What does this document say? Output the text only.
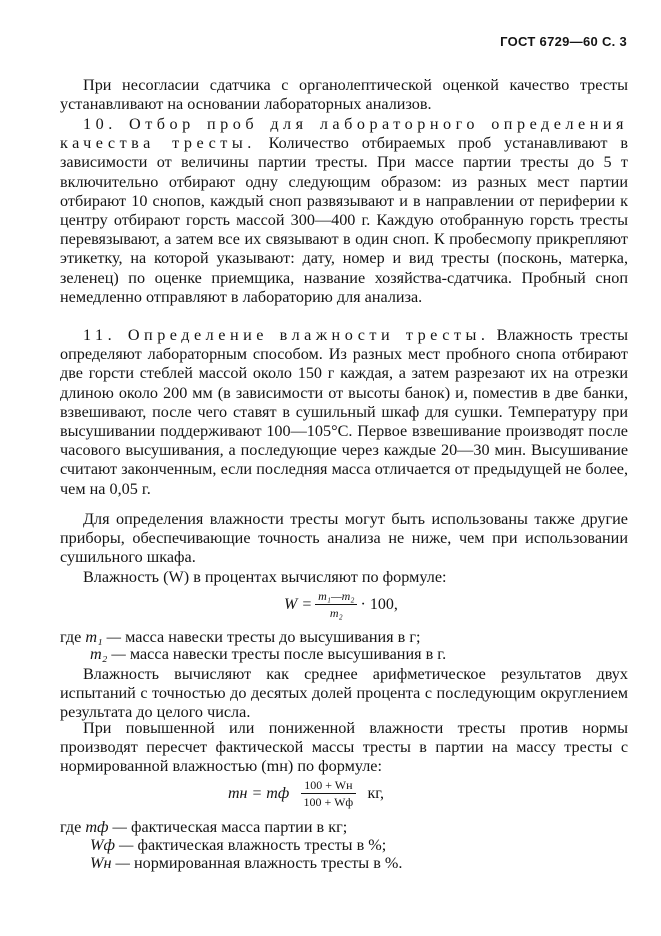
ГОСТ 6729—60 С. 3
При несогласии сдатчика с органолептической оценкой качество тресты устанавливают на основании лабораторных анализов.
10. Отбор проб для лабораторного определения качества тресты. Количество отбираемых проб устанавливают в зависимости от величины партии тресты. При массе партии тресты до 5 т включительно отбирают одну следующим образом: из разных мест партии отбирают 10 снопов, каждый сноп развязывают и в направлении от периферии к центру отбирают горсть массой 300—400 г. Каждую отобранную горсть тресты перевязывают, а затем все их связывают в один сноп. К пробесмопу прикрепляют этикетку, на которой указывают: дату, номер и вид тресты (посконь, матерка, зеленец) по оценке приемщика, название хозяйства-сдатчика. Пробный сноп немедленно отправляют в лабораторию для анализа.
11. Определение влажности тресты. Влажность тресты определяют лабораторным способом. Из разных мест пробного снопа отбирают две горсти стеблей массой около 150 г каждая, а затем разрезают их на отрезки длиною около 200 мм (в зависимости от высоты банок) и, поместив в две банки, взвешивают, после чего ставят в сушильный шкаф для сушки. Температуру при высушивании поддерживают 100—105°С. Первое взвешивание производят после часового высушивания, а последующие через каждые 20—30 мин. Высушивание считают законченным, если последняя масса отличается от предыдущей не более, чем на 0,05 г.
Для определения влажности тресты могут быть использованы также другие приборы, обеспечивающие точность анализа не ниже, чем при использовании сушильного шкафа.
Влажность (W) в процентах вычисляют по формуле:
$W = \frac{\text{m₁—m₂}}{\text{m₂}} \cdot 100$,
где m₁ — масса навески тресты до высушивания в г;
m₂ — масса навески тресты после высушивания в г.
Влажность вычисляют как среднее арифметическое результатов двух испытаний с точностью до десятых долей процента с последующим округлением результата до целого числа.
При повышенной или пониженной влажности тресты против нормы производят пересчет фактической массы тресты в партии на массу тресты с нормированной влажностью (mн) по формуле:
mн = mф $\frac{100 + Wн}{100 + Wф}$ кг,
где mф — фактическая масса партии в кг;
Wф — фактическая влажность тресты в %;
Wн — нормированная влажность тресты в %.
